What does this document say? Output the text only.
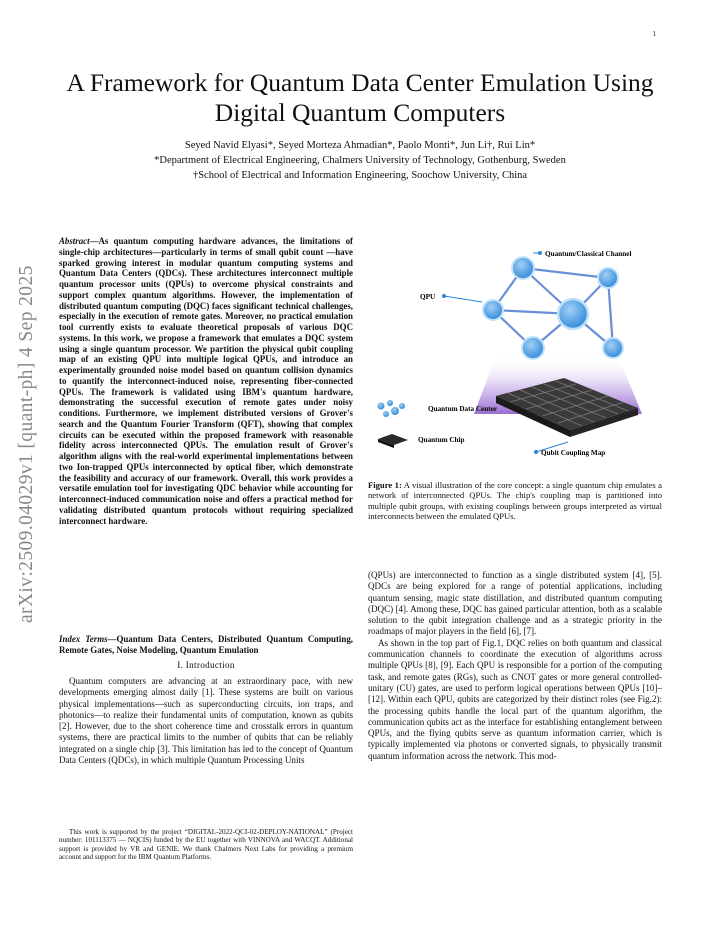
1
arXiv:2509.04029v1 [quant-ph] 4 Sep 2025
A Framework for Quantum Data Center Emulation Using Digital Quantum Computers
Seyed Navid Elyasi*, Seyed Morteza Ahmadian*, Paolo Monti*, Jun Li†, Rui Lin*
*Department of Electrical Engineering, Chalmers University of Technology, Gothenburg, Sweden
†School of Electrical and Information Engineering, Soochow University, China
Abstract—As quantum computing hardware advances, the limitations of single-chip architectures—particularly in terms of small qubit count —have sparked growing interest in modular quantum computing systems and Quantum Data Centers (QDCs). These architectures interconnect multiple quantum processor units (QPUs) to overcome physical constraints and support complex quantum algorithms. However, the implementation of distributed quantum computing (DQC) faces significant technical challenges, especially in the execution of remote gates. Moreover, no practical emulation tool currently exists to evaluate theoretical proposals of various DQC systems. In this work, we propose a framework that emulates a DQC system using a single quantum processor. We partition the physical qubit coupling map of an existing QPU into multiple logical QPUs, and introduce an experimentally grounded noise model based on quantum collision dynamics to quantify the interconnect-induced noise, representing fiber-connected QPUs. The framework is validated using IBM's quantum hardware, demonstrating the successful execution of remote gates under noisy conditions. Furthermore, we implement distributed versions of Grover's search and the Quantum Fourier Transform (QFT), showing that complex circuits can be executed within the proposed framework with reasonable fidelity across interconnected QPUs. The emulation result of Grover's algorithm aligns with the real-world experimental implementations between two Ion-trapped QPUs interconnected by optical fiber, which demonstrate the feasibility and accuracy of our framework. Overall, this work provides a versatile emulation tool for investigating QDC behavior while accounting for interconnect-induced communication noise and offers a practical method for validating distributed quantum protocols without requiring specialized interconnect hardware.
Index Terms—Quantum Data Centers, Distributed Quantum Computing, Remote Gates, Noise Modeling, Quantum Emulation
I. Introduction
Quantum computers are advancing at an extraordinary pace, with new developments emerging almost daily [1]. These systems are built on various physical implementations—such as superconducting circuits, ion traps, and photonics—to realize their fundamental units of computation, known as qubits [2]. However, due to the short coherence time and crosstalk errors in quantum systems, there are practical limits to the number of qubits that can be reliably integrated on a single chip [3]. This limitation has led to the concept of Quantum Data Centers (QDCs), in which multiple Quantum Processing Units
This work is supported by the project “DIGITAL-2022-QCI-02-DEPLOY-NATIONAL” (Project number: 101113375 — NQCIS) funded by the EU together with VINNOVA and WACQT. Additional support is provided by VR and GENIE. We thank Chalmers Next Labs for providing a premium account and support for the IBM Quantum Platforms.
Quantum/Classical Channel
QPU
Quantum Data Center
Quantum Chip
Qubit Coupling Map
Figure 1: A visual illustration of the core concept: a single quantum chip emulates a network of interconnected QPUs. The chip's coupling map is partitioned into multiple qubit groups, with existing couplings between groups interpreted as virtual interconnects between the emulated QPUs.

(QPUs) are interconnected to function as a single distributed system [4], [5]. QDCs are being explored for a range of potential applications, including quantum sensing, magic state distillation, and distributed quantum computing (DQC) [4]. Among these, DQC has gained particular attention, both as a scalable solution to the qubit integration challenge and as a strategic priority in the roadmaps of major players in the field [6], [7].

As shown in the top part of Fig.1, DQC relies on both quantum and classical communication channels to coordinate the execution of algorithms across multiple QPUs [8], [9]. Each QPU is responsible for a portion of the computing task, and remote gates (RGs), such as CNOT gates or more general controlled-unitary (CU) gates, are used to perform logical operations between QPUs [10]–[12]. Within each QPU, qubits are categorized by their distinct roles (see Fig.2): the processing qubits handle the local part of the quantum algorithm, the communication qubits act as the interface for establishing entanglement between QPUs, and the flying qubits serve as quantum information carrier, which is typically implemented via photons or converted signals, to physically transmit quantum information across the network. This mod-
